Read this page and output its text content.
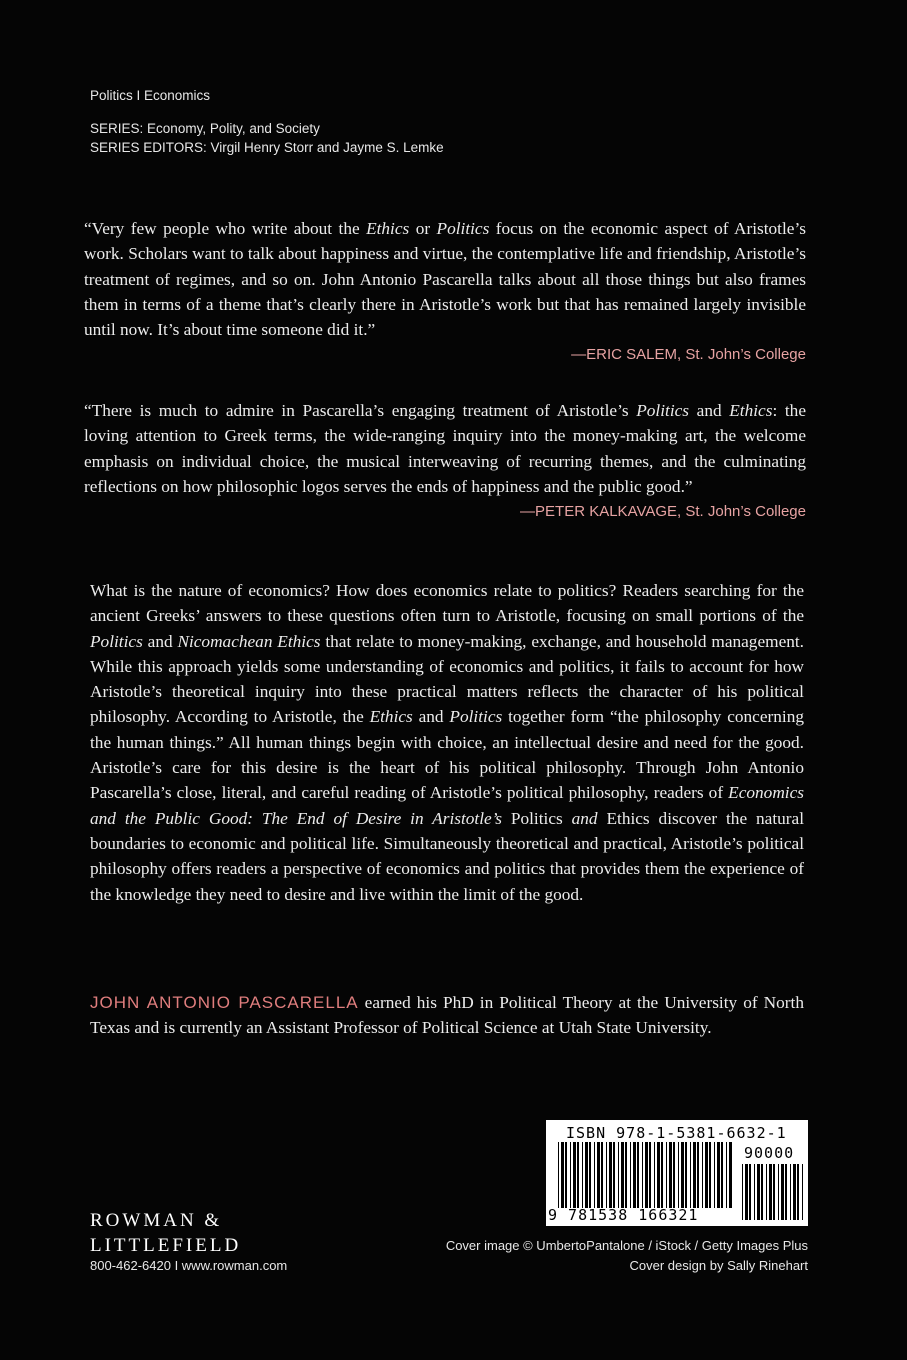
Politics I Economics
SERIES: Economy, Polity, and Society
SERIES EDITORS: Virgil Henry Storr and Jayme S. Lemke
“Very few people who write about the Ethics or Politics focus on the economic aspect of Aristotle’s work. Scholars want to talk about happiness and virtue, the contemplative life and friendship, Aristotle’s treatment of regimes, and so on. John Antonio Pascarella talks about all those things but also frames them in terms of a theme that’s clearly there in Aristotle’s work but that has remained largely invisible until now. It’s about time someone did it.”
—ERIC SALEM, St. John’s College
“There is much to admire in Pascarella’s engaging treatment of Aristotle’s Politics and Ethics: the loving attention to Greek terms, the wide-ranging inquiry into the money-making art, the welcome emphasis on individual choice, the musical interweaving of recurring themes, and the culminating reflections on how philosophic logos serves the ends of happiness and the public good.”
—PETER KALKAVAGE, St. John’s College
What is the nature of economics? How does economics relate to politics? Readers searching for the ancient Greeks’ answers to these questions often turn to Aristotle, focusing on small portions of the Politics and Nicomachean Ethics that relate to money-making, exchange, and household management. While this approach yields some understanding of economics and politics, it fails to account for how Aristotle’s theoretical inquiry into these practical matters reflects the character of his political philosophy. According to Aristotle, the Ethics and Politics together form “the philosophy concerning the human things.” All human things begin with choice, an intellectual desire and need for the good. Aristotle’s care for this desire is the heart of his political philosophy. Through John Antonio Pascarella’s close, literal, and careful reading of Aristotle’s political philosophy, readers of Economics and the Public Good: The End of Desire in Aristotle’s Politics and Ethics discover the natural boundaries to economic and political life. Simultaneously theoretical and practical, Aristotle’s political philosophy offers readers a perspective of economics and politics that provides them the experience of the knowledge they need to desire and live within the limit of the good.
JOHN ANTONIO PASCARELLA earned his PhD in Political Theory at the University of North Texas and is currently an Assistant Professor of Political Science at Utah State University.
ISBN 978-1-5381-6632-1
90000
9 781538 166321
ROWMAN &
LITTLEFIELD
800-462-6420 I www.rowman.com
Cover image © UmbertoPantalone / iStock / Getty Images Plus
Cover design by Sally Rinehart
